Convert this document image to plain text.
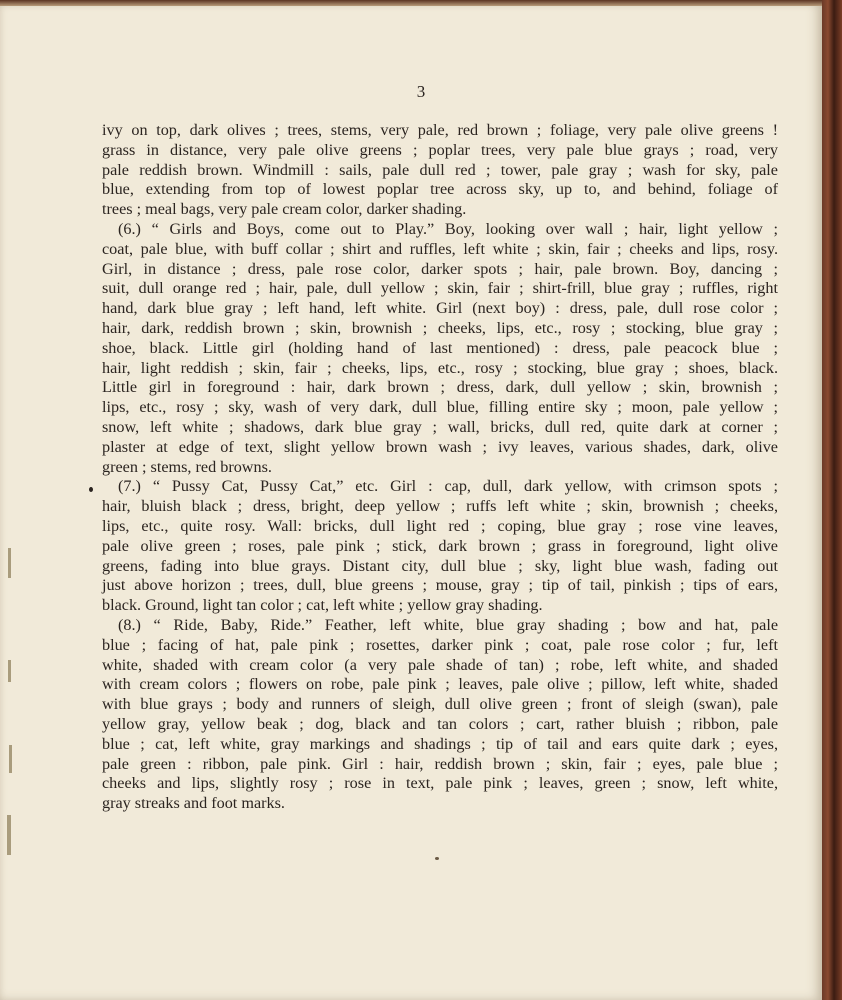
3
ivy on top, dark olives ; trees, stems, very pale, red brown ; foliage, very pale olive greens !
grass in distance, very pale olive greens ; poplar trees, very pale blue grays ; road, very
pale reddish brown. Windmill : sails, pale dull red ; tower, pale gray ; wash for sky, pale
blue, extending from top of lowest poplar tree across sky, up to, and behind, foliage of
trees ; meal bags, very pale cream color, darker shading.
(6.) “ Girls and Boys, come out to Play.” Boy, looking over wall ; hair, light yellow ;
coat, pale blue, with buff collar ; shirt and ruffles, left white ; skin, fair ; cheeks and lips, rosy.
Girl, in distance ; dress, pale rose color, darker spots ; hair, pale brown. Boy, dancing ;
suit, dull orange red ; hair, pale, dull yellow ; skin, fair ; shirt-frill, blue gray ; ruffles, right
hand, dark blue gray ; left hand, left white. Girl (next boy) : dress, pale, dull rose color ;
hair, dark, reddish brown ; skin, brownish ; cheeks, lips, etc., rosy ; stocking, blue gray ;
shoe, black. Little girl (holding hand of last mentioned) : dress, pale peacock blue ;
hair, light reddish ; skin, fair ; cheeks, lips, etc., rosy ; stocking, blue gray ; shoes, black.
Little girl in foreground : hair, dark brown ; dress, dark, dull yellow ; skin, brownish ;
lips, etc., rosy ; sky, wash of very dark, dull blue, filling entire sky ; moon, pale yellow ;
snow, left white ; shadows, dark blue gray ; wall, bricks, dull red, quite dark at corner ;
plaster at edge of text, slight yellow brown wash ; ivy leaves, various shades, dark, olive
green ; stems, red browns.
(7.) “ Pussy Cat, Pussy Cat,” etc. Girl : cap, dull, dark yellow, with crimson spots ;
hair, bluish black ; dress, bright, deep yellow ; ruffs left white ; skin, brownish ; cheeks,
lips, etc., quite rosy. Wall: bricks, dull light red ; coping, blue gray ; rose vine leaves,
pale olive green ; roses, pale pink ; stick, dark brown ; grass in foreground, light olive
greens, fading into blue grays. Distant city, dull blue ; sky, light blue wash, fading out
just above horizon ; trees, dull, blue greens ; mouse, gray ; tip of tail, pinkish ; tips of ears,
black. Ground, light tan color ; cat, left white ; yellow gray shading.
(8.) “ Ride, Baby, Ride.” Feather, left white, blue gray shading ; bow and hat, pale
blue ; facing of hat, pale pink ; rosettes, darker pink ; coat, pale rose color ; fur, left
white, shaded with cream color (a very pale shade of tan) ; robe, left white, and shaded
with cream colors ; flowers on robe, pale pink ; leaves, pale olive ; pillow, left white, shaded
with blue grays ; body and runners of sleigh, dull olive green ; front of sleigh (swan), pale
yellow gray, yellow beak ; dog, black and tan colors ; cart, rather bluish ; ribbon, pale
blue ; cat, left white, gray markings and shadings ; tip of tail and ears quite dark ; eyes,
pale green : ribbon, pale pink. Girl : hair, reddish brown ; skin, fair ; eyes, pale blue ;
cheeks and lips, slightly rosy ; rose in text, pale pink ; leaves, green ; snow, left white,
gray streaks and foot marks.
